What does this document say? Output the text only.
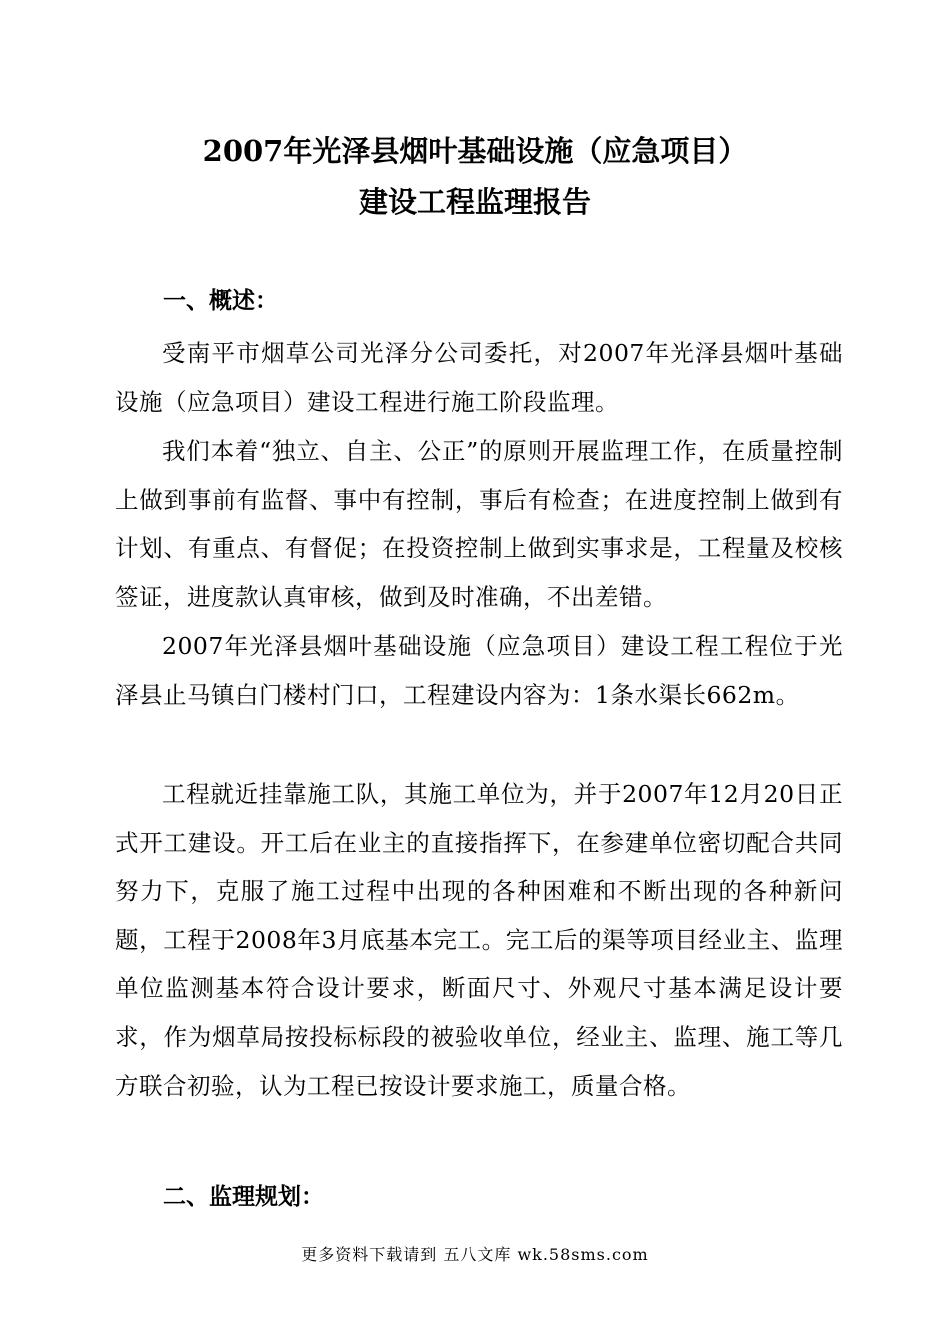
2007年光泽县烟叶基础设施（应急项目）
建设工程监理报告
一、概述：

受南平市烟草公司光泽分公司委托，对2007年光泽县烟叶基础设施（应急项目）建设工程进行施工阶段监理。

我们本着“独立、自主、公正”的原则开展监理工作，在质量控制上做到事前有监督、事中有控制，事后有检查；在进度控制上做到有计划、有重点、有督促；在投资控制上做到实事求是，工程量及校核签证，进度款认真审核，做到及时准确，不出差错。

2007年光泽县烟叶基础设施（应急项目）建设工程工程位于光泽县止马镇白门楼村门口，工程建设内容为：1条水渠长662m。

工程就近挂靠施工队，其施工单位为，并于2007年12月20日正式开工建设。开工后在业主的直接指挥下，在参建单位密切配合共同努力下，克服了施工过程中出现的各种困难和不断出现的各种新问题，工程于2008年3月底基本完工。完工后的渠等项目经业主、监理单位监测基本符合设计要求，断面尺寸、外观尺寸基本满足设计要求，作为烟草局按投标标段的被验收单位，经业主、监理、施工等几方联合初验，认为工程已按设计要求施工，质量合格。

二、监理规划：

更多资料下载请到 五八文库 wk.58sms.com
